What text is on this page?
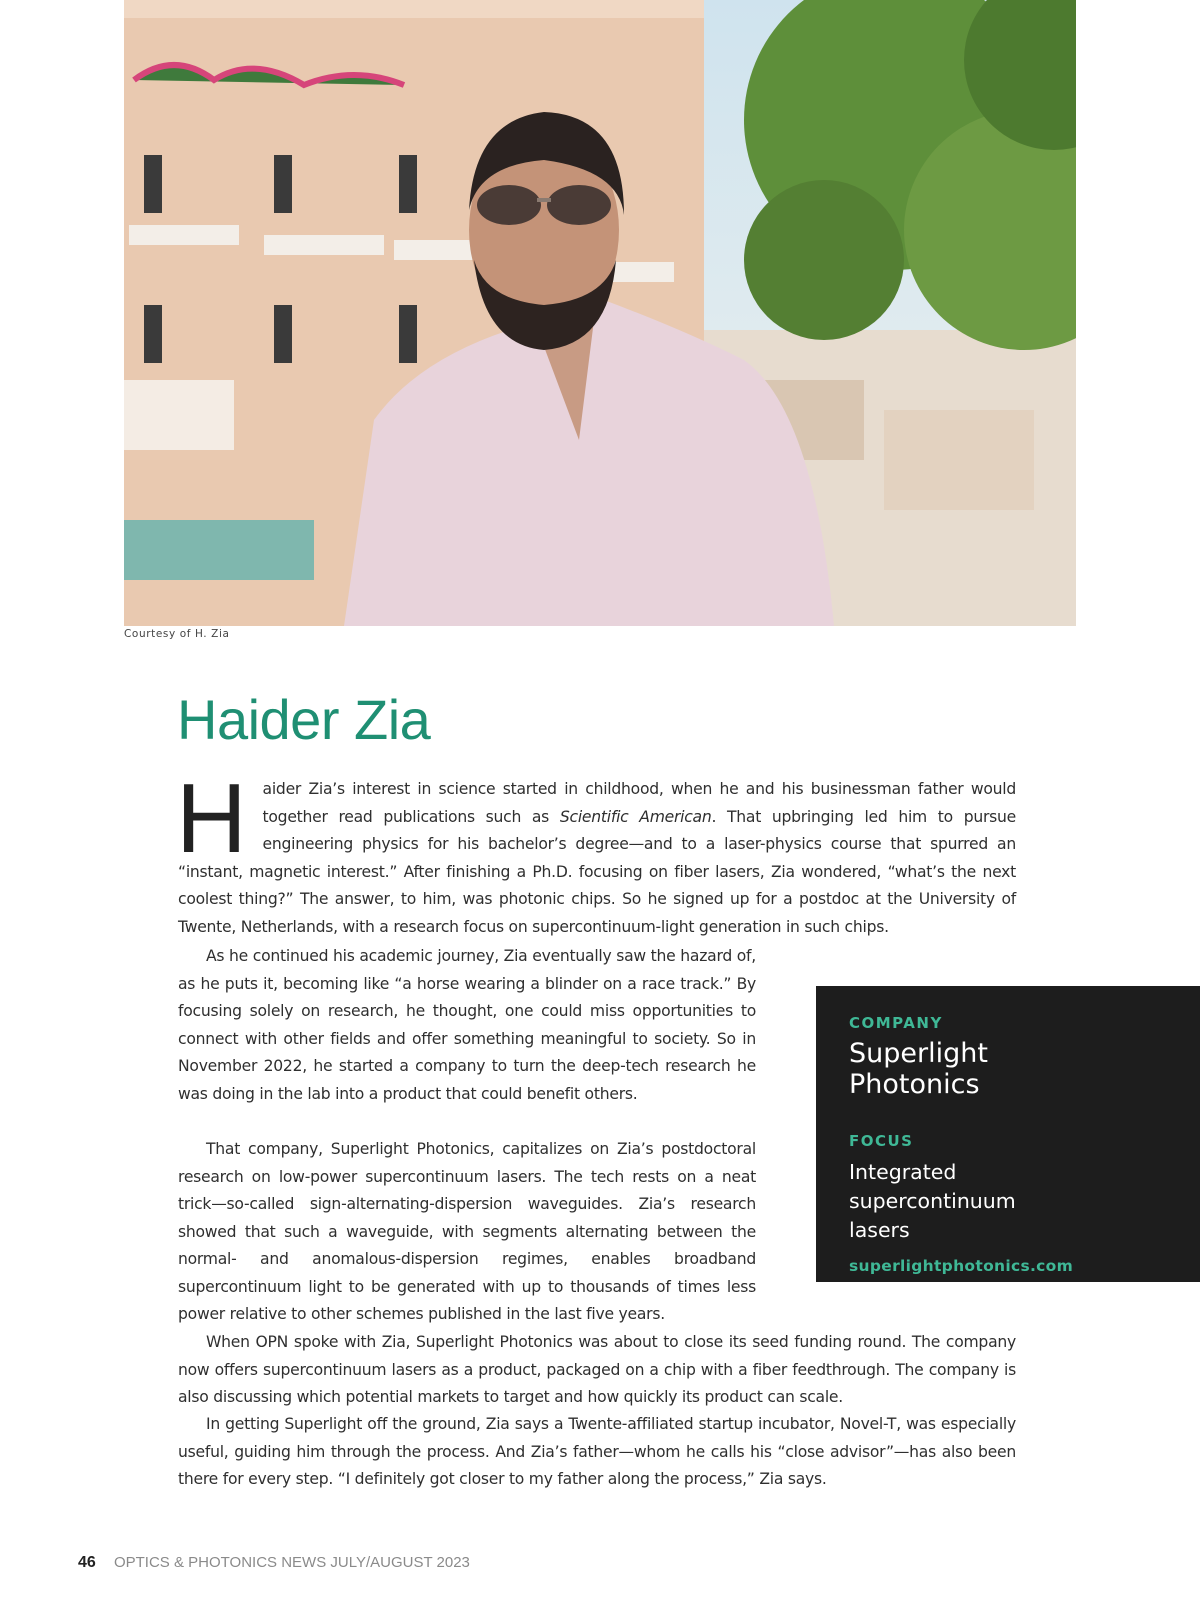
Courtesy of H. Zia
Haider Zia

H aider Zia’s interest in science started in childhood, when he and his businessman father would together read publications such as Scientific American. That upbringing led him to pursue engineering physics for his bachelor’s degree—and to a laser-physics course that spurred an “instant, magnetic interest.” After finishing a Ph.D. focusing on fiber lasers, Zia wondered, “what’s the next coolest thing?” The answer, to him, was photonic chips. So he signed up for a postdoc at the University of Twente, Netherlands, with a research focus on supercontinuum-light generation in such chips.

As he continued his academic journey, Zia eventually saw the hazard of, as he puts it, becoming like “a horse wearing a blinder on a race track.” By focusing solely on research, he thought, one could miss opportunities to connect with other fields and offer something meaningful to society. So in November 2022, he started a company to turn the deep-tech research he was doing in the lab into a product that could benefit others.

That company, Superlight Photonics, capitalizes on Zia’s postdoctoral research on low-power supercontinuum lasers. The tech rests on a neat trick—so-called sign-alternating-dispersion waveguides. Zia’s research showed that such a waveguide, with segments alternating between the normal- and anomalous-dispersion regimes, enables broadband supercontinuum light to be generated with up to thousands of times less power relative to other schemes published in the last five years.

When OPN spoke with Zia, Superlight Photonics was about to close its seed funding round. The company now offers supercontinuum lasers as a product, packaged on a chip with a fiber feedthrough. The company is also discussing which potential markets to target and how quickly its product can scale.

In getting Superlight off the ground, Zia says a Twente-affiliated startup incubator, Novel-T, was especially useful, guiding him through the process. And Zia’s father—whom he calls his “close advisor”—has also been there for every step. “I definitely got closer to my father along the process,” Zia says.

COMPANY

Superlight Photonics

FOCUS

Integrated supercontinuum lasers

superlightphotonics.com

46 OPTICS & PHOTONICS NEWS JULY/AUGUST 2023
